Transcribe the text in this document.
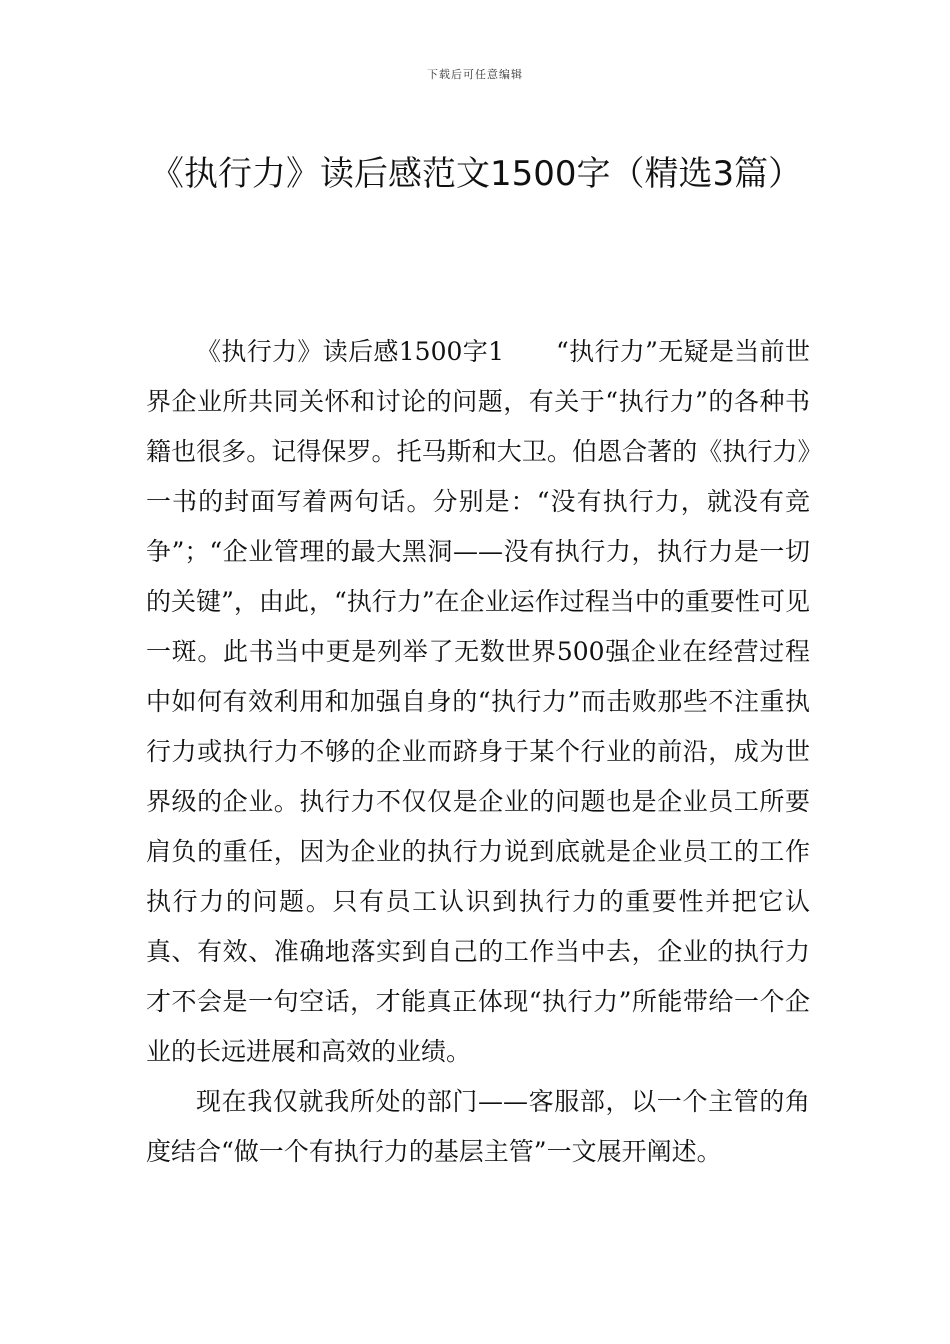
下载后可任意编辑
《执行力》读后感范文1500字（精选3篇）

《执行力》读后感1500字1 “执行力”无疑是当前世界企业所共同关怀和讨论的问题，有关于“执行力”的各种书籍也很多。记得保罗。托马斯和大卫。伯恩合著的《执行力》一书的封面写着两句话。分别是：“没有执行力，就没有竞争”；“企业管理的最大黑洞——没有执行力，执行力是一切的关键”，由此，“执行力”在企业运作过程当中的重要性可见一斑。此书当中更是列举了无数世界500强企业在经营过程中如何有效利用和加强自身的“执行力”而击败那些不注重执行力或执行力不够的企业而跻身于某个行业的前沿，成为世界级的企业。执行力不仅仅是企业的问题也是企业员工所要肩负的重任，因为企业的执行力说到底就是企业员工的工作执行力的问题。只有员工认识到执行力的重要性并把它认真、有效、准确地落实到自己的工作当中去，企业的执行力才不会是一句空话，才能真正体现“执行力”所能带给一个企业的长远进展和高效的业绩。

现在我仅就我所处的部门——客服部，以一个主管的角度结合“做一个有执行力的基层主管”一文展开阐述。
